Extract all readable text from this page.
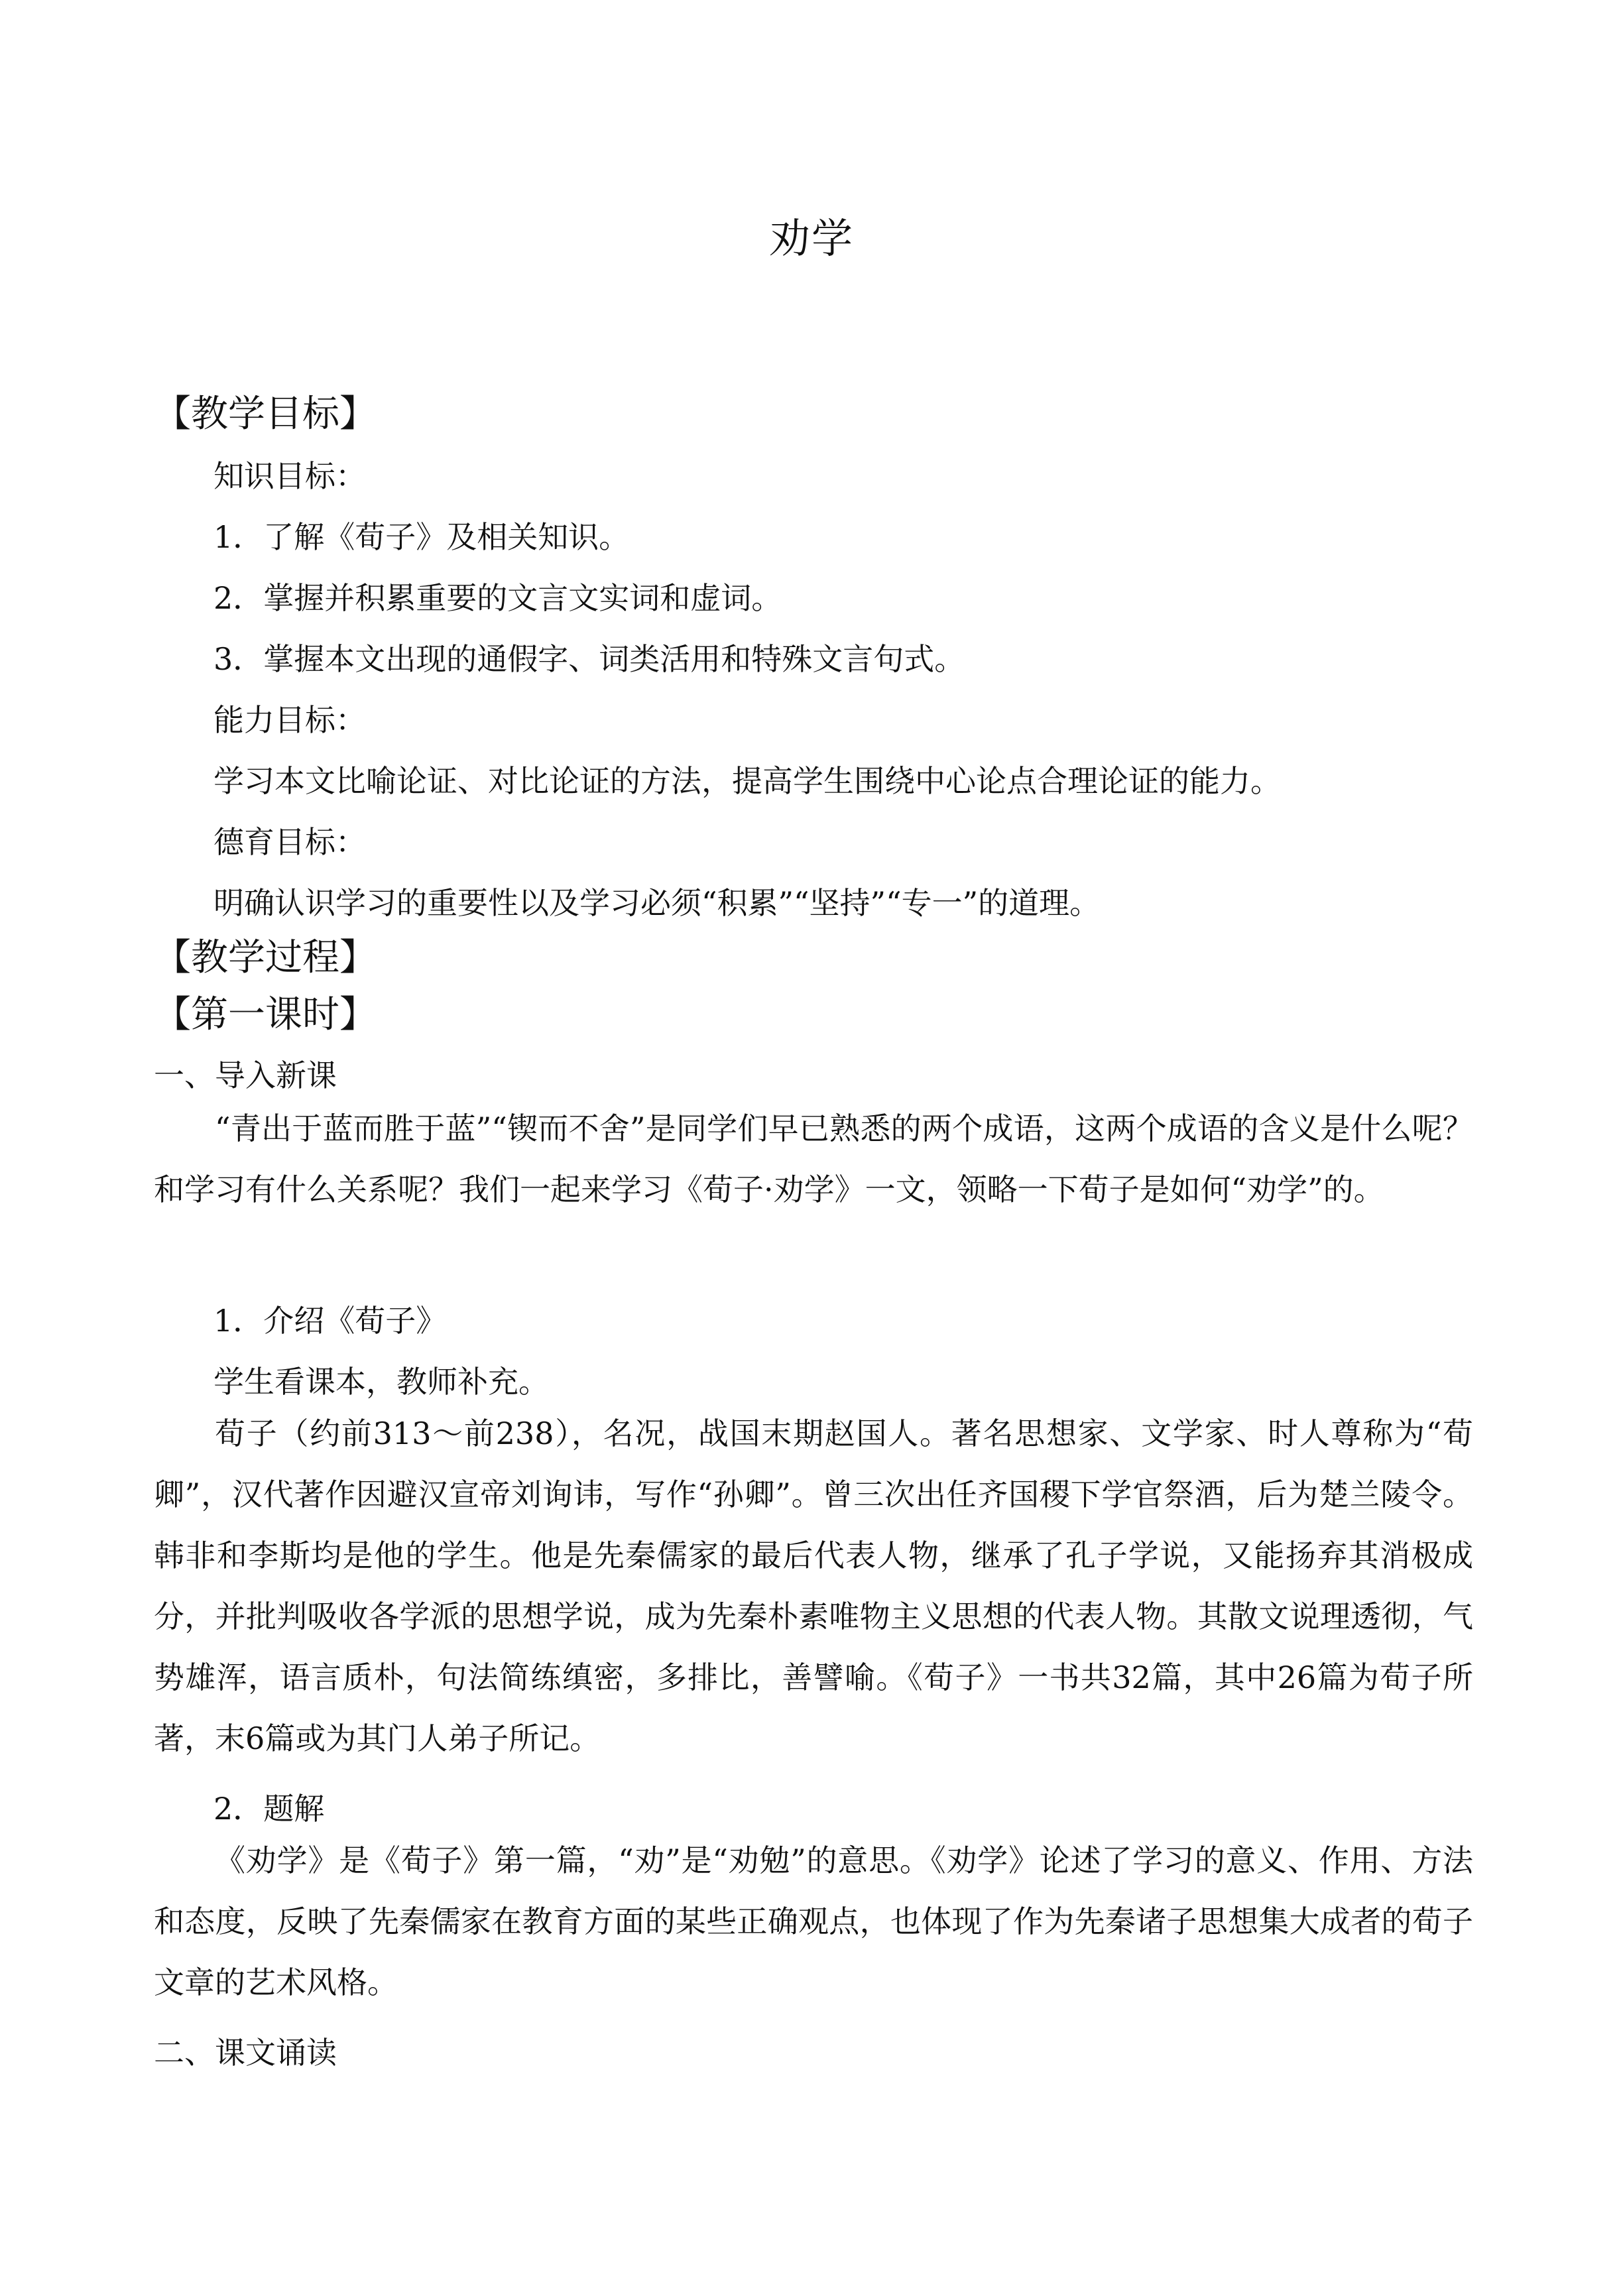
劝学
【教学目标】
知识目标：
1．了解《荀子》及相关知识。
2．掌握并积累重要的文言文实词和虚词。
3．掌握本文出现的通假字、词类活用和特殊文言句式。
能力目标：
学习本文比喻论证、对比论证的方法，提高学生围绕中心论点合理论证的能力。
德育目标：
明确认识学习的重要性以及学习必须“积累”“坚持”“专一”的道理。
【教学过程】
【第一课时】
一、导入新课
“青出于蓝而胜于蓝”“锲而不舍”是同学们早已熟悉的两个成语，这两个成语的含义是什么呢？和学习有什么关系呢？我们一起来学习《荀子·劝学》一文，领略一下荀子是如何“劝学”的。
1．介绍《荀子》
学生看课本，教师补充。
荀子（约前313～前238），名况，战国末期赵国人。著名思想家、文学家、时人尊称为“荀卿”，汉代著作因避汉宣帝刘询讳，写作“孙卿”。曾三次出任齐国稷下学官祭酒，后为楚兰陵令。韩非和李斯均是他的学生。他是先秦儒家的最后代表人物，继承了孔子学说，又能扬弃其消极成分，并批判吸收各学派的思想学说，成为先秦朴素唯物主义思想的代表人物。其散文说理透彻，气势雄浑，语言质朴，句法简练缜密，多排比，善譬喻。《荀子》一书共32篇，其中26篇为荀子所著，末6篇或为其门人弟子所记。
2．题解
《劝学》是《荀子》第一篇，“劝”是“劝勉”的意思。《劝学》论述了学习的意义、作用、方法和态度，反映了先秦儒家在教育方面的某些正确观点，也体现了作为先秦诸子思想集大成者的荀子文章的艺术风格。
二、课文诵读
